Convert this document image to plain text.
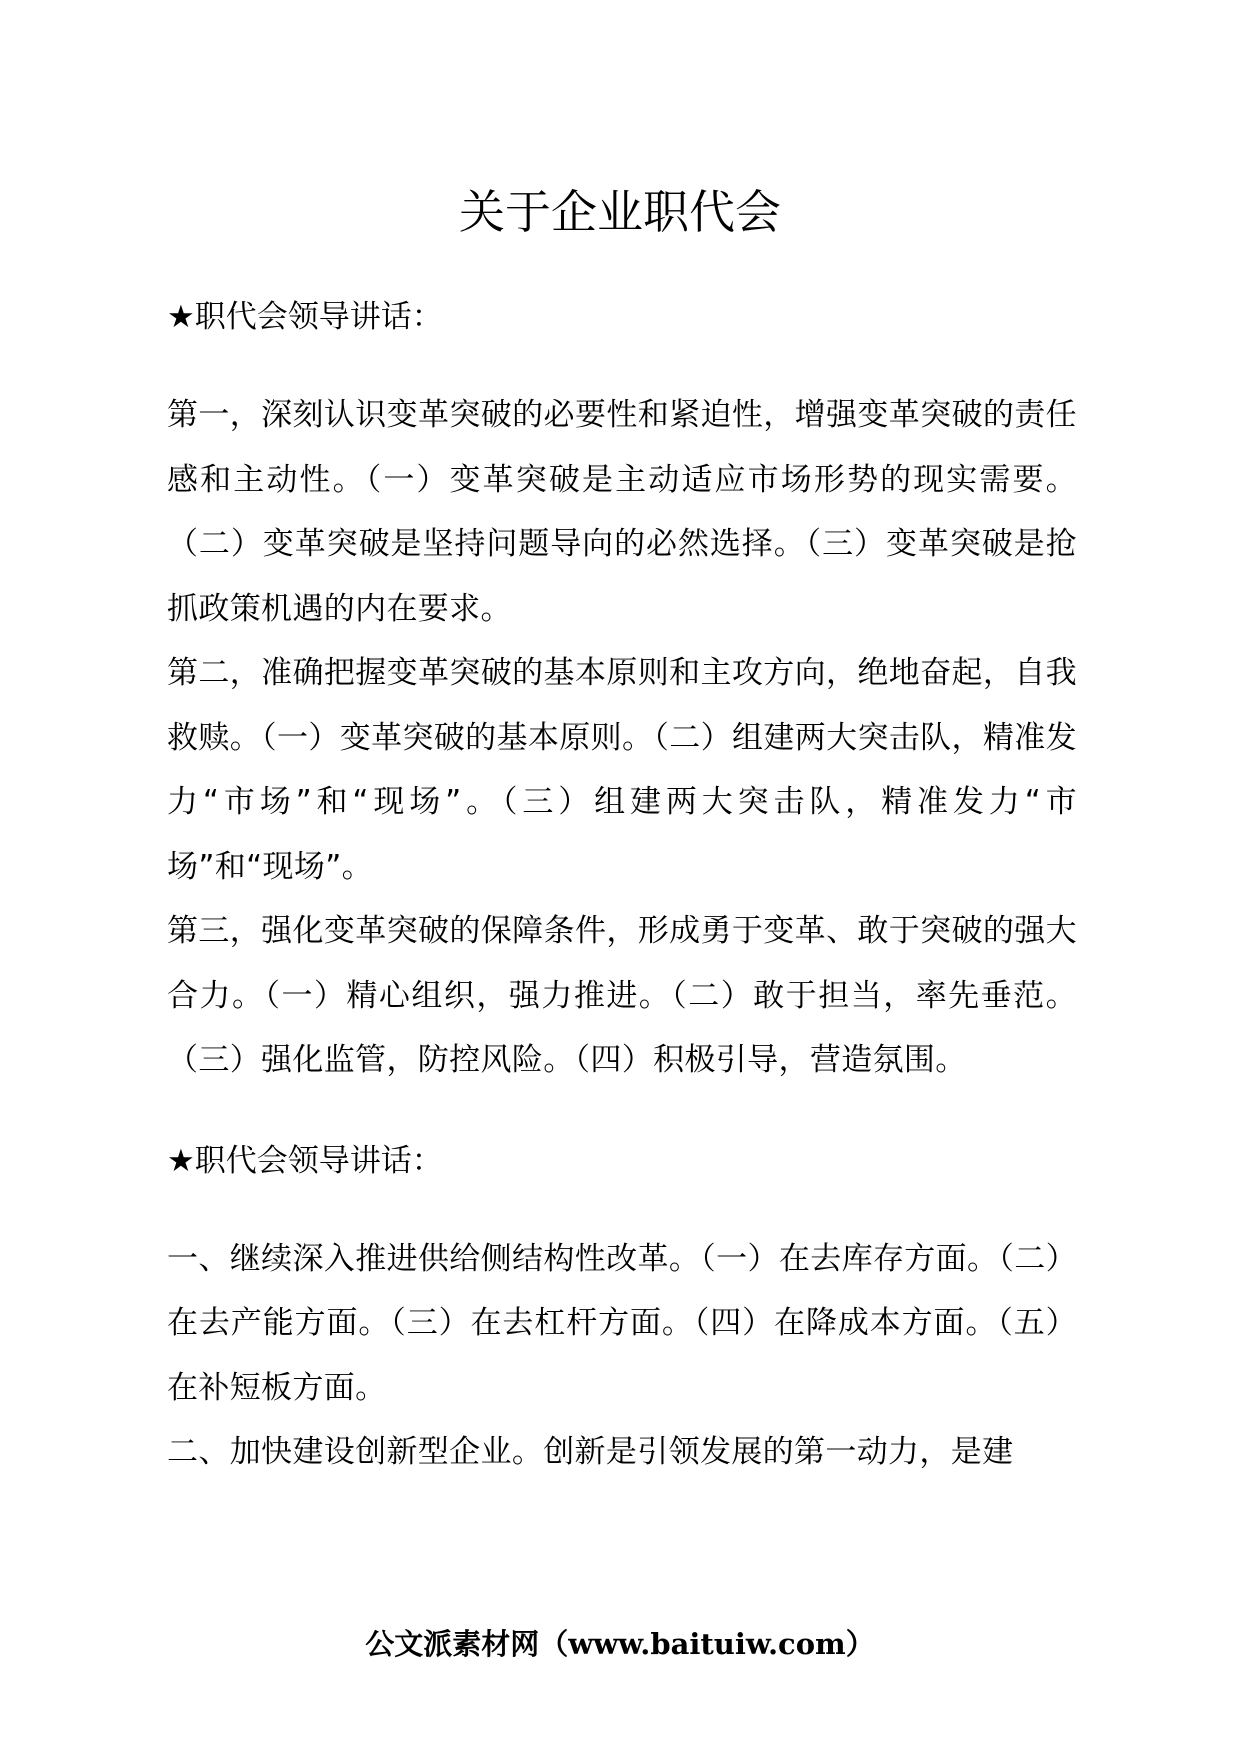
关于企业职代会

★职代会领导讲话：

第一，深刻认识变革突破的必要性和紧迫性，增强变革突破的责任感和主动性。（一）变革突破是主动适应市场形势的现实需要。（二）变革突破是坚持问题导向的必然选择。（三）变革突破是抢抓政策机遇的内在要求。

第二，准确把握变革突破的基本原则和主攻方向，绝地奋起，自我救赎。（一）变革突破的基本原则。（二）组建两大突击队，精准发力“市场”和“现场”。（三）组建两大突击队，精准发力“市场”和“现场”。

第三，强化变革突破的保障条件，形成勇于变革、敢于突破的强大合力。（一）精心组织，强力推进。（二）敢于担当，率先垂范。（三）强化监管，防控风险。（四）积极引导，营造氛围。

★职代会领导讲话：

一、继续深入推进供给侧结构性改革。（一）在去库存方面。（二）在去产能方面。（三）在去杠杆方面。（四）在降成本方面。（五）在补短板方面。

二、加快建设创新型企业。创新是引领发展的第一动力，是建

公文派素材网（www.baituiw.com）
